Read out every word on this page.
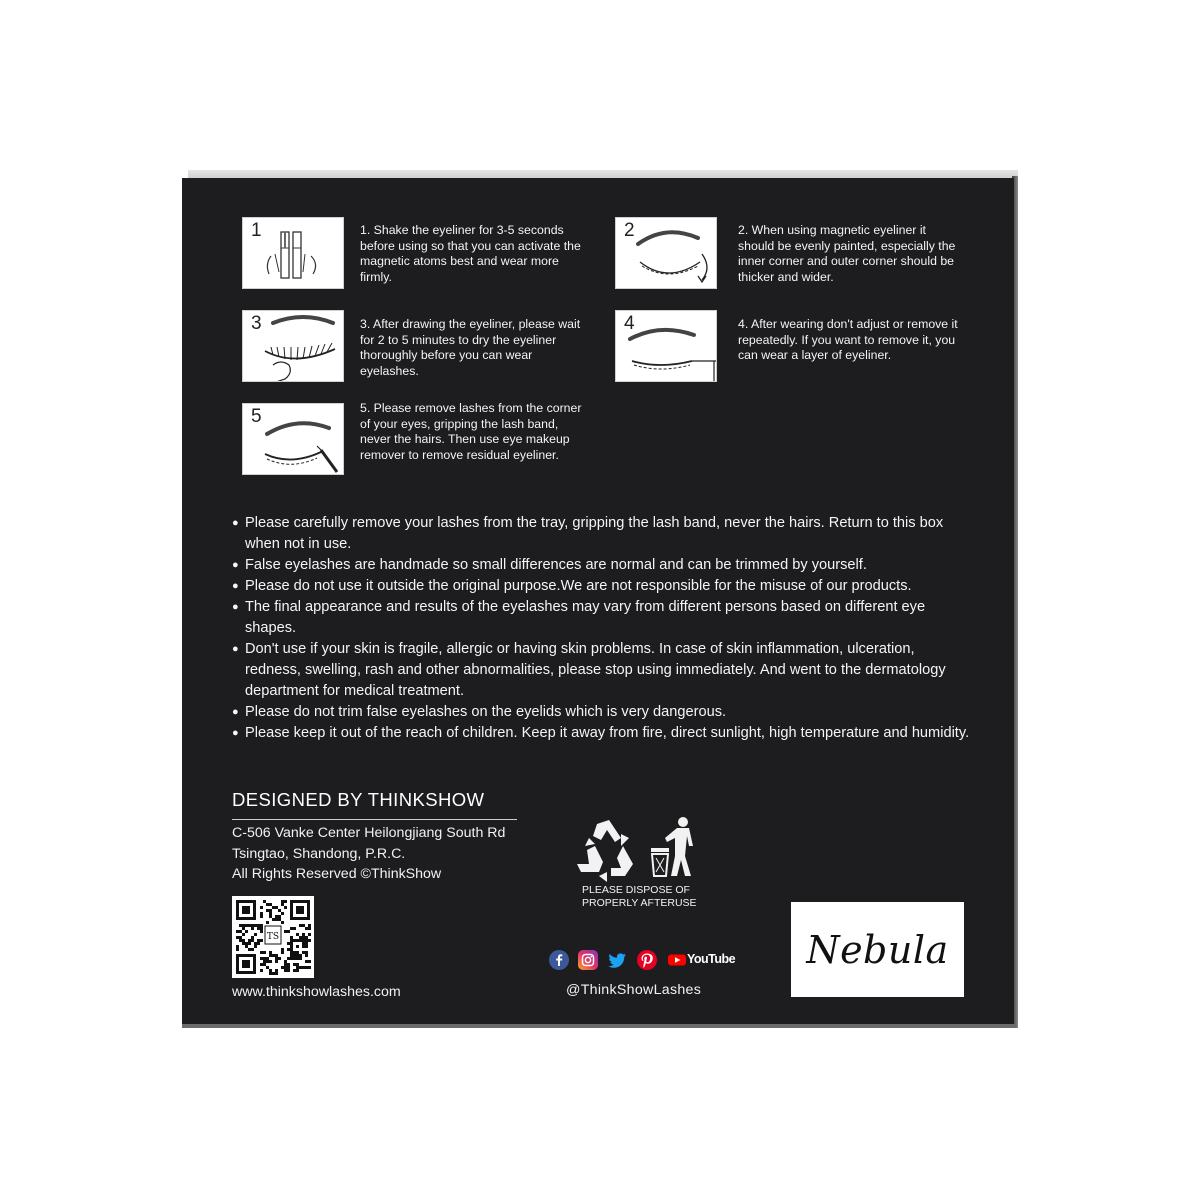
1	1. Shake the eyeliner for 3-5 seconds before using so that you can activate the magnetic atoms best and wear more firmly.
2	2. When using magnetic eyeliner it should be evenly painted, especially the inner corner and outer corner should be thicker and wider.
3	3. After drawing the eyeliner, please wait for 2 to 5 minutes to dry the eyeliner thoroughly before you can wear eyelashes.
4	4. After wearing don't adjust or remove it repeatedly. If you want to remove it, you can wear a layer of eyeliner.
5	5. Please remove lashes from the corner of your eyes, gripping the lash band, never the hairs. Then use eye makeup remover to remove residual eyeliner.
● Please carefully remove your lashes from the tray, gripping the lash band, never the hairs. Return to this box when not in use.
● False eyelashes are handmade so small differences are normal and can be trimmed by yourself.
● Please do not use it outside the original purpose.We are not responsible for the misuse of our products.
● The final appearance and results of the eyelashes may vary from different persons based on different eye shapes.
● Don't use if your skin is fragile, allergic or having skin problems. In case of skin inflammation, ulceration, redness, swelling, rash and other abnormalities, please stop using immediately. And went to the dermatology department for medical treatment.
● Please do not trim false eyelashes on the eyelids which is very dangerous.
● Please keep it out of the reach of children. Keep it away from fire, direct sunlight, high temperature and humidity.
DESIGNED BY THINKSHOW
C-506 Vanke Center Heilongjiang South Rd
Tsingtao, Shandong, P.R.C.
All Rights Reserved ©ThinkShow
TS
www.thinkshowlashes.com
PLEASE DISPOSE OF
PROPERLY AFTERUSE
YouTube
@ThinkShowLashes
Nebula
